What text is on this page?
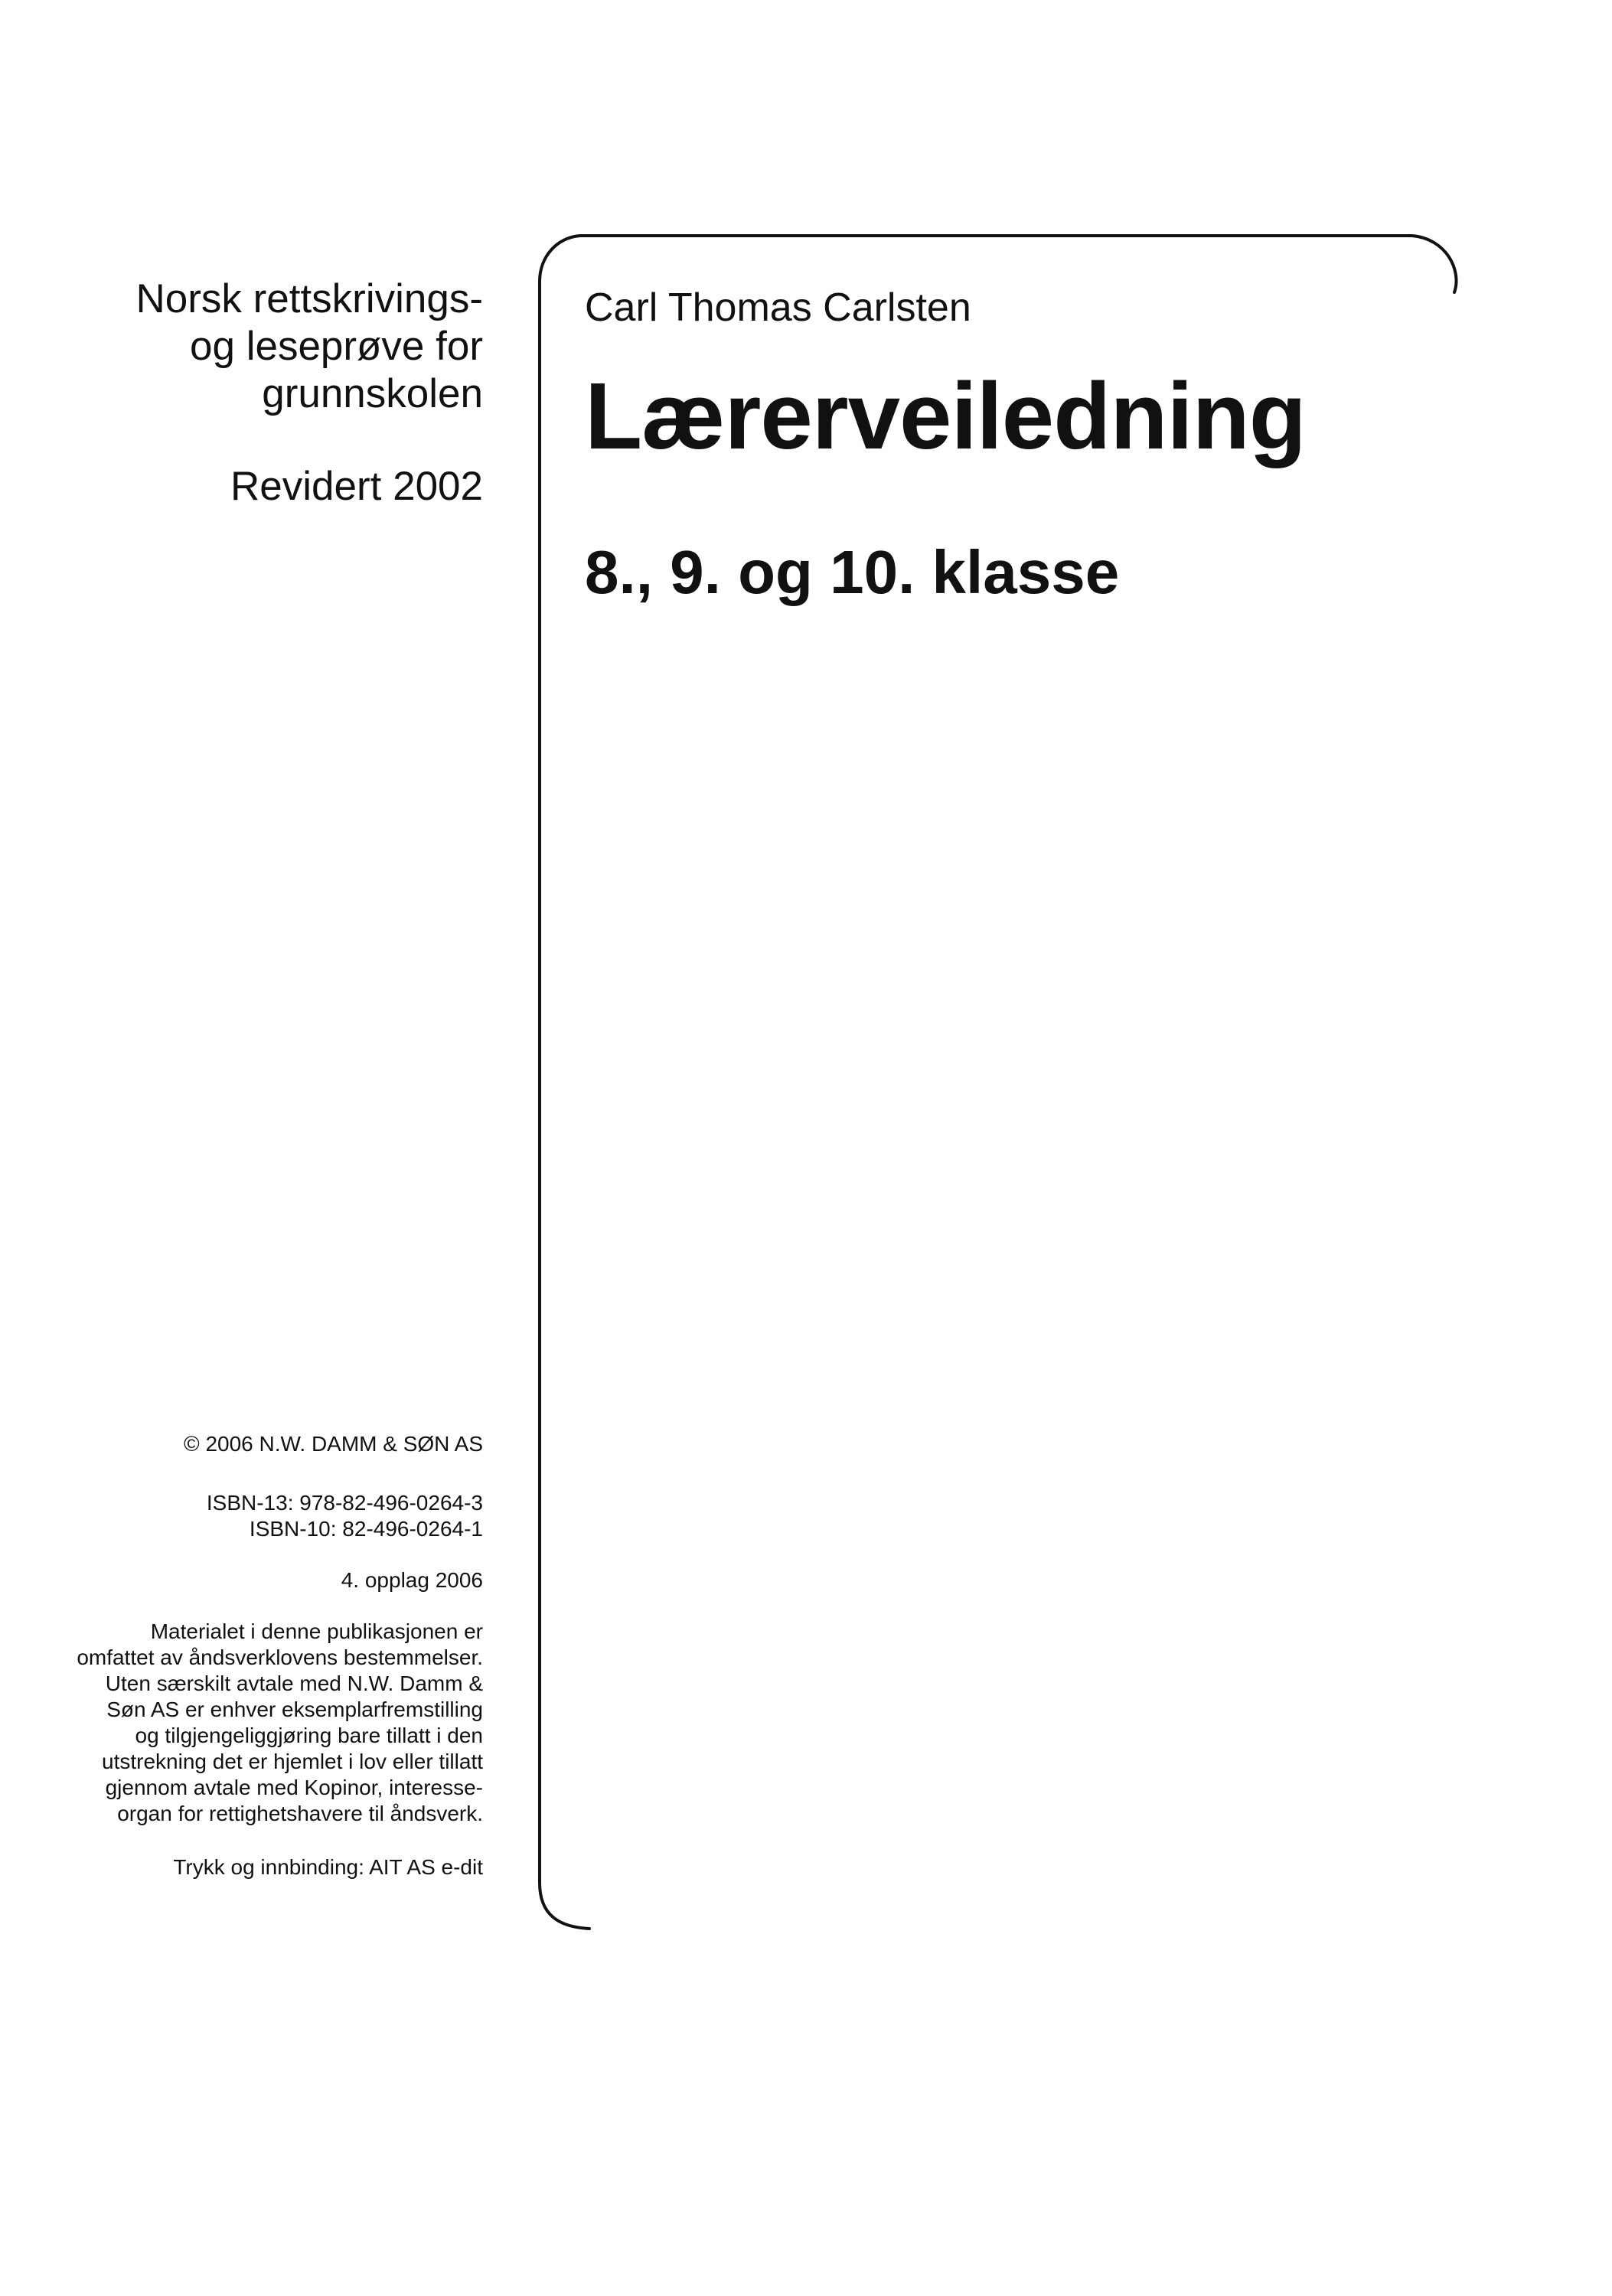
Norsk rettskrivings-
og leseprøve for
grunnskolen
Revidert 2002
© 2006 N.W. DAMM & SØN AS
ISBN-13: 978-82-496-0264-3
ISBN-10: 82-496-0264-1
4. opplag 2006
Materialet i denne publikasjonen er
omfattet av åndsverklovens bestemmelser.
Uten særskilt avtale med N.W. Damm &
Søn AS er enhver eksemplarfremstilling
og tilgjengeliggjøring bare tillatt i den
utstrekning det er hjemlet i lov eller tillatt
gjennom avtale med Kopinor, interesse-
organ for rettighetshavere til åndsverk.
Trykk og innbinding: AIT AS e-dit
Carl Thomas Carlsten
Lærerveiledning
8., 9. og 10. klasse
